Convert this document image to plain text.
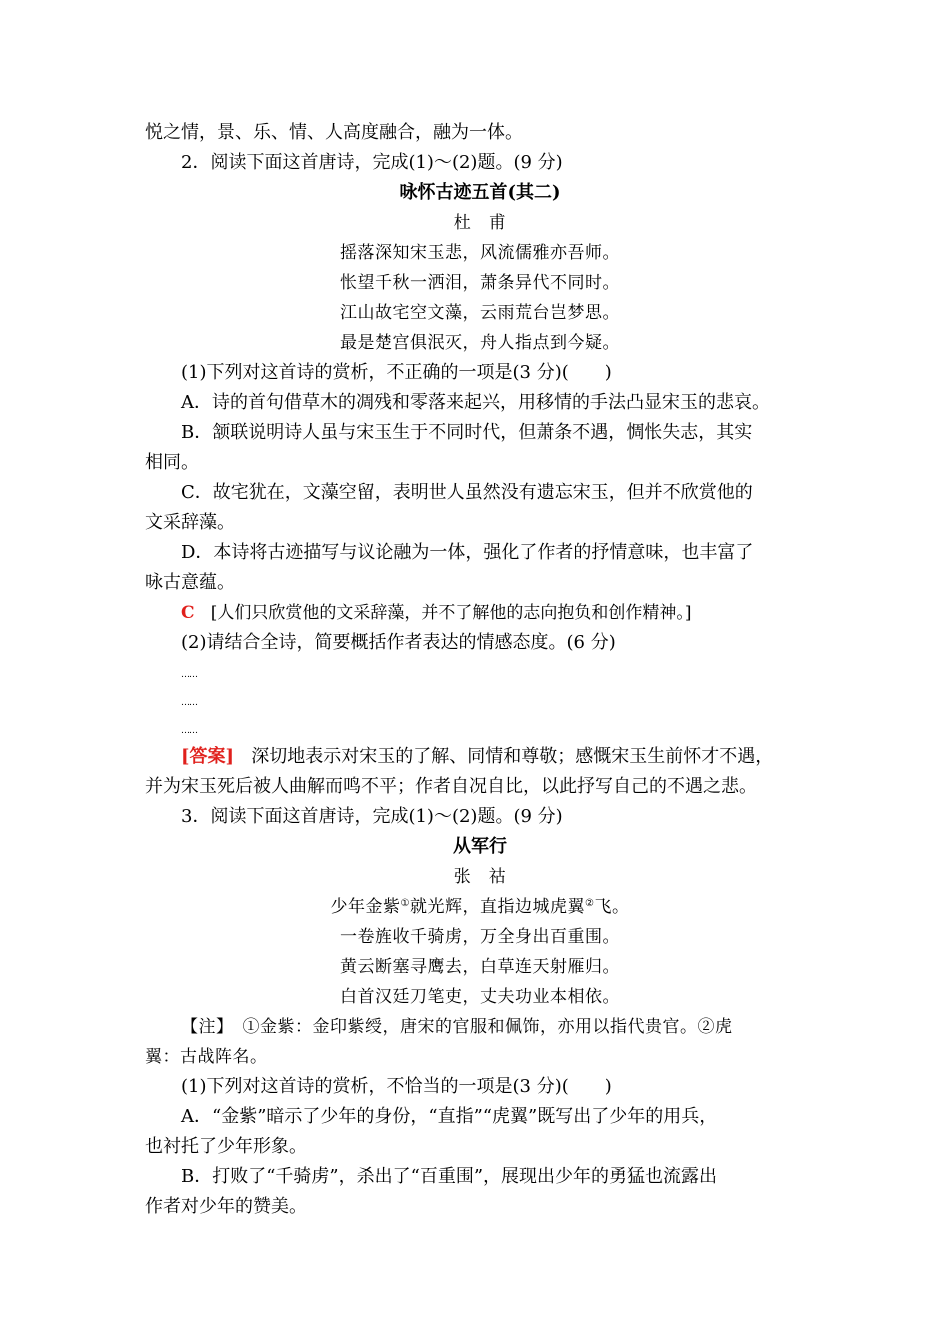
悦之情，景、乐、情、人高度融合，融为一体。
2．阅读下面这首唐诗，完成(1)～(2)题。(9 分)
咏怀古迹五首(其二)
杜　甫
摇落深知宋玉悲，风流儒雅亦吾师。
怅望千秋一洒泪，萧条异代不同时。
江山故宅空文藻，云雨荒台岂梦思。
最是楚宫俱泯灭，舟人指点到今疑。
(1)下列对这首诗的赏析，不正确的一项是(3 分)(　　)
A．诗的首句借草木的凋残和零落来起兴，用移情的手法凸显宋玉的悲哀。
B．颔联说明诗人虽与宋玉生于不同时代，但萧条不遇，惆怅失志，其实
相同。
C．故宅犹在，文藻空留，表明世人虽然没有遗忘宋玉，但并不欣赏他的
文采辞藻。
D．本诗将古迹描写与议论融为一体，强化了作者的抒情意味，也丰富了
咏古意蕴。
C [人们只欣赏他的文采辞藻，并不了解他的志向抱负和创作精神。]
(2)请结合全诗，简要概括作者表达的情感态度。(6 分)
……
……
……
[答案] 深切地表示对宋玉的了解、同情和尊敬；感慨宋玉生前怀才不遇，
并为宋玉死后被人曲解而鸣不平；作者自况自比，以此抒写自己的不遇之悲。
3．阅读下面这首唐诗，完成(1)～(2)题。(9 分)
从军行
张　祜
少年金紫①就光辉，直指边城虎翼②飞。
一卷旌收千骑虏，万全身出百重围。
黄云断塞寻鹰去，白草连天射雁归。
白首汉廷刀笔吏，丈夫功业本相依。
【注】　①金紫：金印紫绶，唐宋的官服和佩饰，亦用以指代贵官。②虎
翼：古战阵名。
(1)下列对这首诗的赏析，不恰当的一项是(3 分)(　　)
A．“金紫”暗示了少年的身份，“直指”“虎翼”既写出了少年的用兵，
也衬托了少年形象。
B．打败了“千骑虏”，杀出了“百重围”，展现出少年的勇猛也流露出
作者对少年的赞美。
